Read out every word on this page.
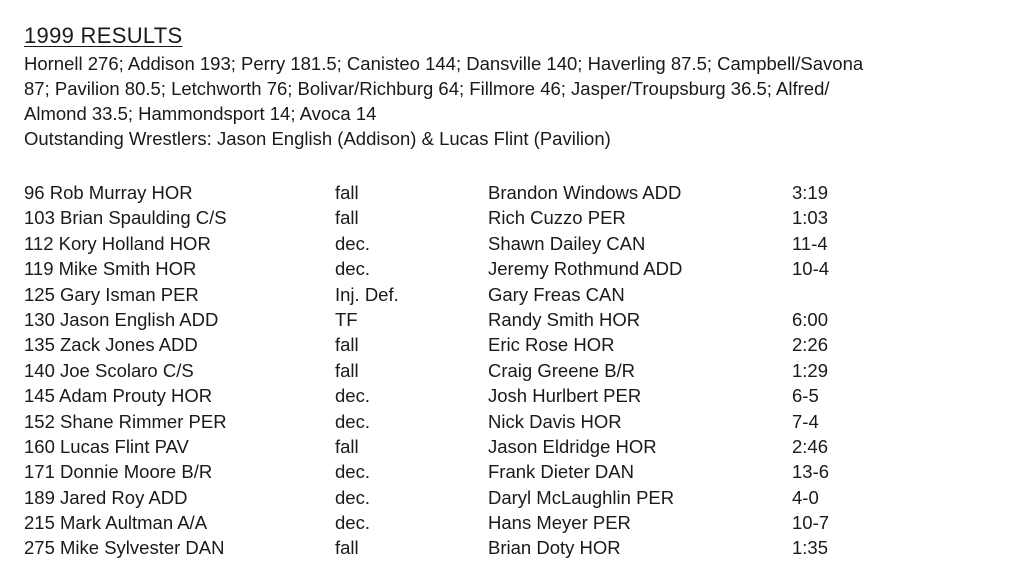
1999 RESULTS
Hornell 276; Addison 193; Perry 181.5; Canisteo 144; Dansville 140; Haverling 87.5; Campbell/Savona
87; Pavilion 80.5; Letchworth 76; Bolivar/Richburg 64; Fillmore 46; Jasper/Troupsburg 36.5; Alfred/
Almond 33.5; Hammondsport 14; Avoca 14
Outstanding Wrestlers: Jason English (Addison) & Lucas Flint (Pavilion)
96 Rob Murray HOR	fall	Brandon Windows ADD	3:19
103 Brian Spaulding C/S	fall	Rich Cuzzo PER	1:03
112 Kory Holland HOR	dec.	Shawn Dailey CAN	11-4
119 Mike Smith HOR	dec.	Jeremy Rothmund ADD	10-4
125 Gary Isman PER	Inj. Def.	Gary Freas CAN
130 Jason English ADD	TF	Randy Smith HOR	6:00
135 Zack Jones ADD	fall	Eric Rose HOR	2:26
140 Joe Scolaro C/S	fall	Craig Greene B/R	1:29
145 Adam Prouty HOR	dec.	Josh Hurlbert PER	6-5
152 Shane Rimmer PER	dec.	Nick Davis HOR	7-4
160 Lucas Flint PAV	fall	Jason Eldridge HOR	2:46
171 Donnie Moore B/R	dec.	Frank Dieter DAN	13-6
189 Jared Roy ADD	dec.	Daryl McLaughlin PER	4-0
215 Mark Aultman A/A	dec.	Hans Meyer PER	10-7
275 Mike Sylvester DAN	fall	Brian Doty HOR	1:35
